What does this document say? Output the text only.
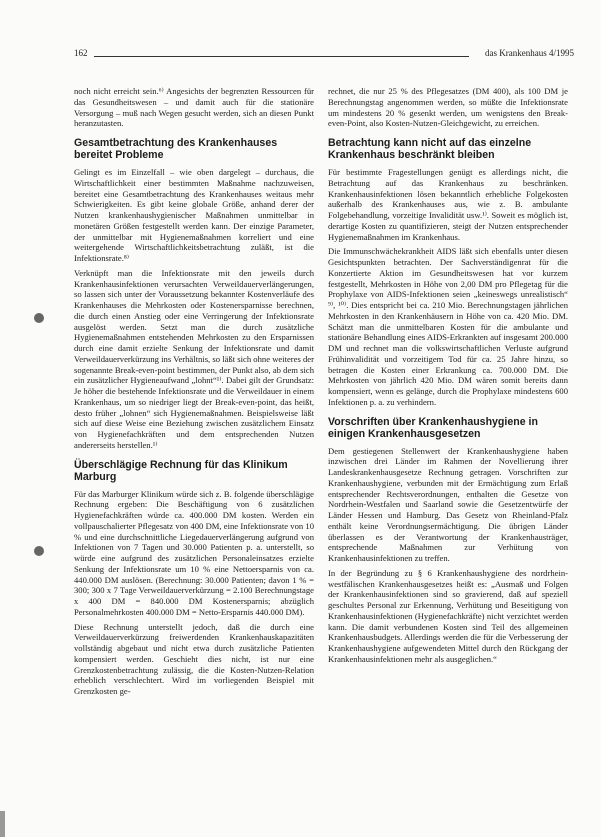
162	das Krankenhaus 4/1995

noch nicht erreicht sein.⁶⁾ Angesichts der begrenzten Ressourcen für das Gesundheitswesen – und damit auch für die stationäre Versorgung – muß nach Wegen gesucht werden, sich an diesen Punkt heranzutasten.

Gesamtbetrachtung des Krankenhauses bereitet Probleme

Gelingt es im Einzelfall – wie oben dargelegt – durchaus, die Wirtschaftlichkeit einer bestimmten Maßnahme nachzuweisen, bereitet eine Gesamtbetrachtung des Krankenhauses weitaus mehr Schwierigkeiten. Es gibt keine globale Größe, anhand derer der Nutzen krankenhaushygienischer Maßnahmen unmittelbar in monetären Größen festgestellt werden kann. Der einzige Parameter, der unmittelbar mit Hygienemaßnahmen korreliert und eine weitergehende Wirtschaftlichkeitsbetrachtung zuläßt, ist die Infektionsrate.⁸⁾

Verknüpft man die Infektionsrate mit den jeweils durch Krankenhausinfektionen verursachten Verweildauerverlängerungen, so lassen sich unter der Voraussetzung bekannter Kostenverläufe des Krankenhauses die Mehrkosten oder Kostenersparnisse berechnen, die durch einen Anstieg oder eine Verringerung der Infektionsrate ausgelöst werden. Setzt man die durch zusätzliche Hygienemaßnahmen entstehenden Mehrkosten zu den Ersparnissen durch eine damit erzielte Senkung der Infektionsrate und damit Verweildauerverkürzung ins Verhältnis, so läßt sich ohne weiteres der sogenannte Break-even-point bestimmen, der Punkt also, ab dem sich ein zusätzlicher Hygieneaufwand „lohnt“¹⁾. Dabei gilt der Grundsatz: Je höher die bestehende Infektionsrate und die Verweildauer in einem Krankenhaus, um so niedriger liegt der Break-even-point, das heißt, desto früher „lohnen“ sich Hygienemaßnahmen. Beispielsweise läßt sich auf diese Weise eine Beziehung zwischen zusätzlichem Einsatz von Hygienefachkräften und dem entsprechenden Nutzen andererseits herstellen.¹⁾

Überschlägige Rechnung für das Klinikum Marburg

Für das Marburger Klinikum würde sich z. B. folgende überschlägige Rechnung ergeben: Die Beschäftigung von 6 zusätzlichen Hygienefachkräften würde ca. 400.000 DM kosten. Werden ein vollpauschalierter Pflegesatz von 400 DM, eine Infektionsrate von 10 % und eine durchschnittliche Liegedauerverlängerung aufgrund von Infektionen von 7 Tagen und 30.000 Patienten p. a. unterstellt, so würde eine aufgrund des zusätzlichen Personaleinsatzes erzielte Senkung der Infektionsrate um 10 % eine Nettoersparnis von ca. 440.000 DM auslösen. (Berechnung: 30.000 Patienten; davon 1 % = 300; 300 x 7 Tage Verweildauerverkürzung = 2.100 Berechnungstage x 400 DM = 840.000 DM Kostenersparnis; abzüglich Personalmehrkosten 400.000 DM = Netto-Ersparnis 440.000 DM).

Diese Rechnung unterstellt jedoch, daß die durch eine Verweildauerverkürzung freiwerdenden Krankenhauskapazitäten vollständig abgebaut und nicht etwa durch zusätzliche Patienten kompensiert werden. Geschieht dies nicht, ist nur eine Grenzkostenbetrachtung zulässig, die die Kosten-Nutzen-Relation erheblich verschlechtert. Wird im vorliegenden Beispiel mit Grenzkosten ge-

rechnet, die nur 25 % des Pflegesatzes (DM 400), als 100 DM je Berechnungstag angenommen werden, so müßte die Infektionsrate um mindestens 20 % gesenkt werden, um wenigstens den Break-even-Point, also Kosten-Nutzen-Gleichgewicht, zu erreichen.

Betrachtung kann nicht auf das einzelne Krankenhaus beschränkt bleiben

Für bestimmte Fragestellungen genügt es allerdings nicht, die Betrachtung auf das Krankenhaus zu beschränken. Krankenhausinfektionen lösen bekanntlich erhebliche Folgekosten außerhalb des Krankenhauses aus, wie z. B. ambulante Folgebehandlung, vorzeitige Invalidität usw.¹⁾. Soweit es möglich ist, derartige Kosten zu quantifizieren, steigt der Nutzen entsprechender Hygienemaßnahmen im Krankenhaus.

Die Immunschwächekrankheit AIDS läßt sich ebenfalls unter diesen Gesichtspunkten betrachten. Der Sachverständigenrat für die Konzertierte Aktion im Gesundheitswesen hat vor kurzem festgestellt, Mehrkosten in Höhe von 2,00 DM pro Pflegetag für die Prophylaxe von AIDS-Infektionen seien „keineswegs unrealistisch“ ⁹⁾, ¹⁰⁾. Dies entspricht bei ca. 210 Mio. Berechnungstagen jährlichen Mehrkosten in den Krankenhäusern in Höhe von ca. 420 Mio. DM. Schätzt man die unmittelbaren Kosten für die ambulante und stationäre Behandlung eines AIDS-Erkrankten auf insgesamt 200.000 DM und rechnet man die volkswirtschaftlichen Verluste aufgrund Frühinvalidität und vorzeitigem Tod für ca. 25 Jahre hinzu, so betragen die Kosten einer Erkrankung ca. 700.000 DM. Die Mehrkosten von jährlich 420 Mio. DM wären somit bereits dann kompensiert, wenn es gelänge, durch die Prophylaxe mindestens 600 Infektionen p. a. zu verhindern.

Vorschriften über Krankenhaushygiene in einigen Krankenhausgesetzen

Dem gestiegenen Stellenwert der Krankenhaushygiene haben inzwischen drei Länder im Rahmen der Novellierung ihrer Landeskrankenhausgesetze Rechnung getragen. Vorschriften zur Krankenhaushygiene, verbunden mit der Ermächtigung zum Erlaß entsprechender Rechtsverordnungen, enthalten die Gesetze von Nordrhein-Westfalen und Saarland sowie die Gesetzentwürfe der Länder Hessen und Hamburg. Das Gesetz von Rheinland-Pfalz enthält keine Verordnungsermächtigung. Die übrigen Länder überlassen es der Verantwortung der Krankenhausträger, entsprechende Maßnahmen zur Verhütung von Krankenhausinfektionen zu treffen.

In der Begründung zu § 6 Krankenhaushygiene des nordrhein-westfälischen Krankenhausgesetzes heißt es: „Ausmaß und Folgen der Krankenhausinfektionen sind so gravierend, daß auf speziell geschultes Personal zur Erkennung, Verhütung und Beseitigung von Krankenhausinfektionen (Hygienefachkräfte) nicht verzichtet werden kann. Die damit verbundenen Kosten sind Teil des allgemeinen Krankenhausbudgets. Allerdings werden die für die Verbesserung der Krankenhaushygiene aufgewendeten Mittel durch den Rückgang der Krankenhausinfektionen mehr als ausgeglichen.“
